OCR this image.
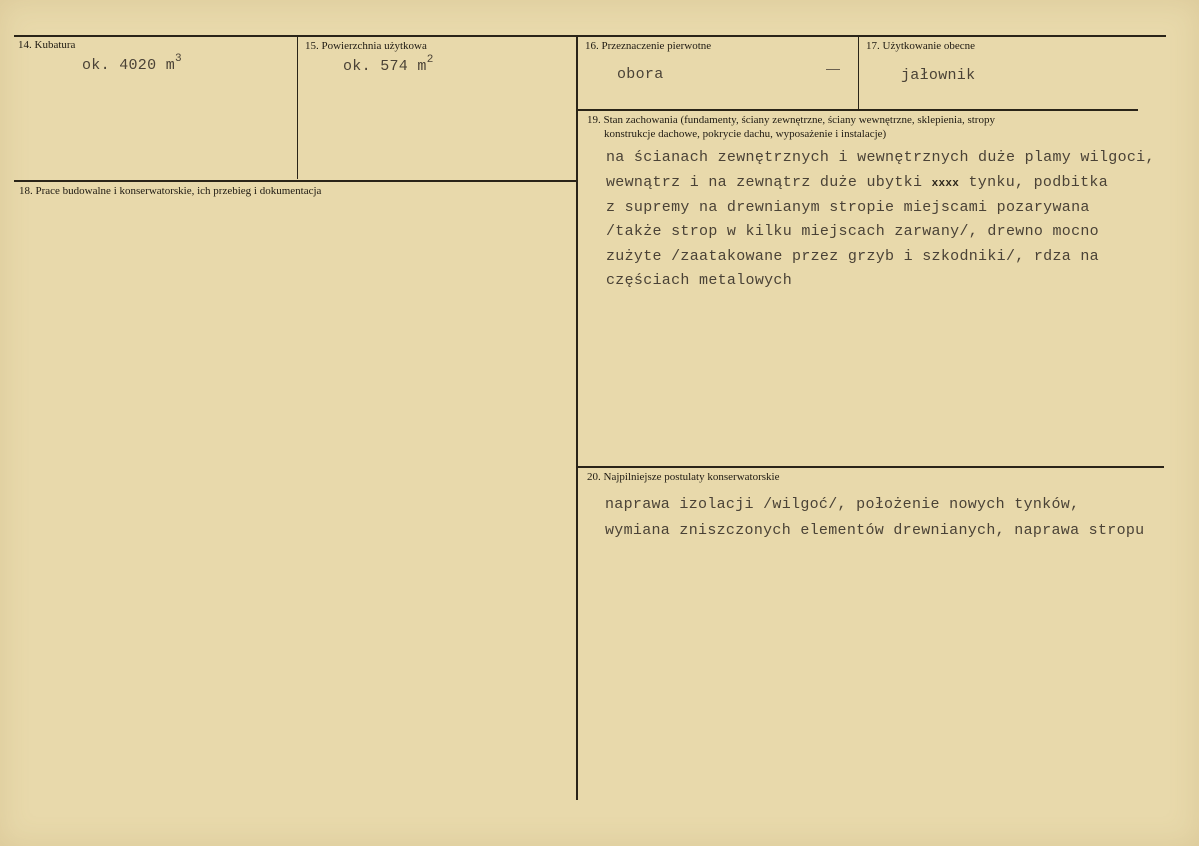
14. Kubatura
ok. 4020 $m^3$
15. Powierzchnia użytkowa
ok. 574 $m^2$
16. Przeznaczenie pierwotne
obora
17. Użytkowanie obecne
jałownik
19. Stan zachowania (fundamenty, ściany zewnętrzne, ściany wewnętrzne, sklepienia, stropy
konstrukcje dachowe, pokrycie dachu, wyposażenie i instalacje)
na ścianach zewnętrznych i wewnętrznych duże plamy wilgoci,
wewnątrz i na zewnątrz duże ubytki xxxx tynku, podbitka
z supremy na drewnianym stropie miejscami pozarywana
/także strop w kilku miejscach zarwany/, drewno mocno
zużyte /zaatakowane przez grzyb i szkodniki/, rdza na
częściach metalowych
18. Prace budowalne i konserwatorskie, ich przebieg i dokumentacja
20. Najpilniejsze postulaty konserwatorskie
naprawa izolacji /wilgoć/, położenie nowych tynków,
wymiana zniszczonych elementów drewnianych, naprawa stropu
